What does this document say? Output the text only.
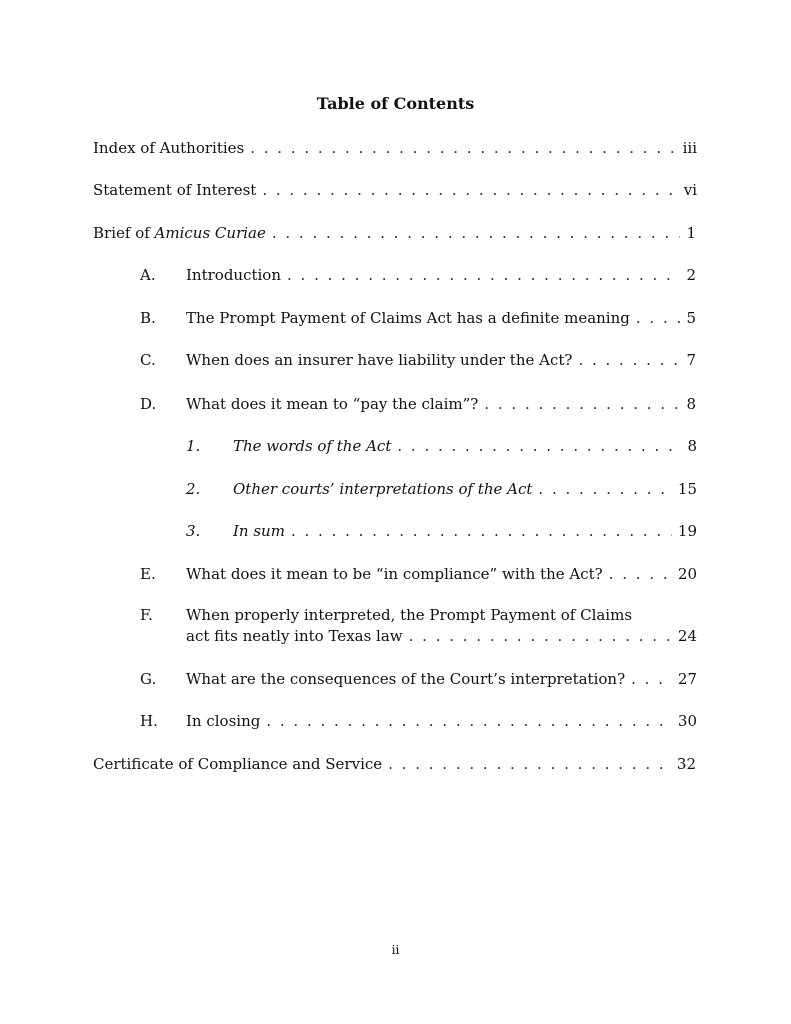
Table of Contents
Index of Authorities . . .	iii
Statement of Interest . . .	vi
Brief of Amicus Curiae . . .	1
A. Introduction . . .	2
B. The Prompt Payment of Claims Act has a definite meaning . . .	5
C. When does an insurer have liability under the Act? . . .	7
D. What does it mean to “pay the claim”? . . .	8
1. The words of the Act . . .	8
2. Other courts’ interpretations of the Act . . .	15
3. In sum . . .	19
E. What does it mean to be “in compliance” with the Act? . . .	20
F. When properly interpreted, the Prompt Payment of Claims
act fits neatly into Texas law . . .	24
G. What are the consequences of the Court’s interpretation? . . .	27
H. In closing . . .	30
Certificate of Compliance and Service . . .	32
ii
